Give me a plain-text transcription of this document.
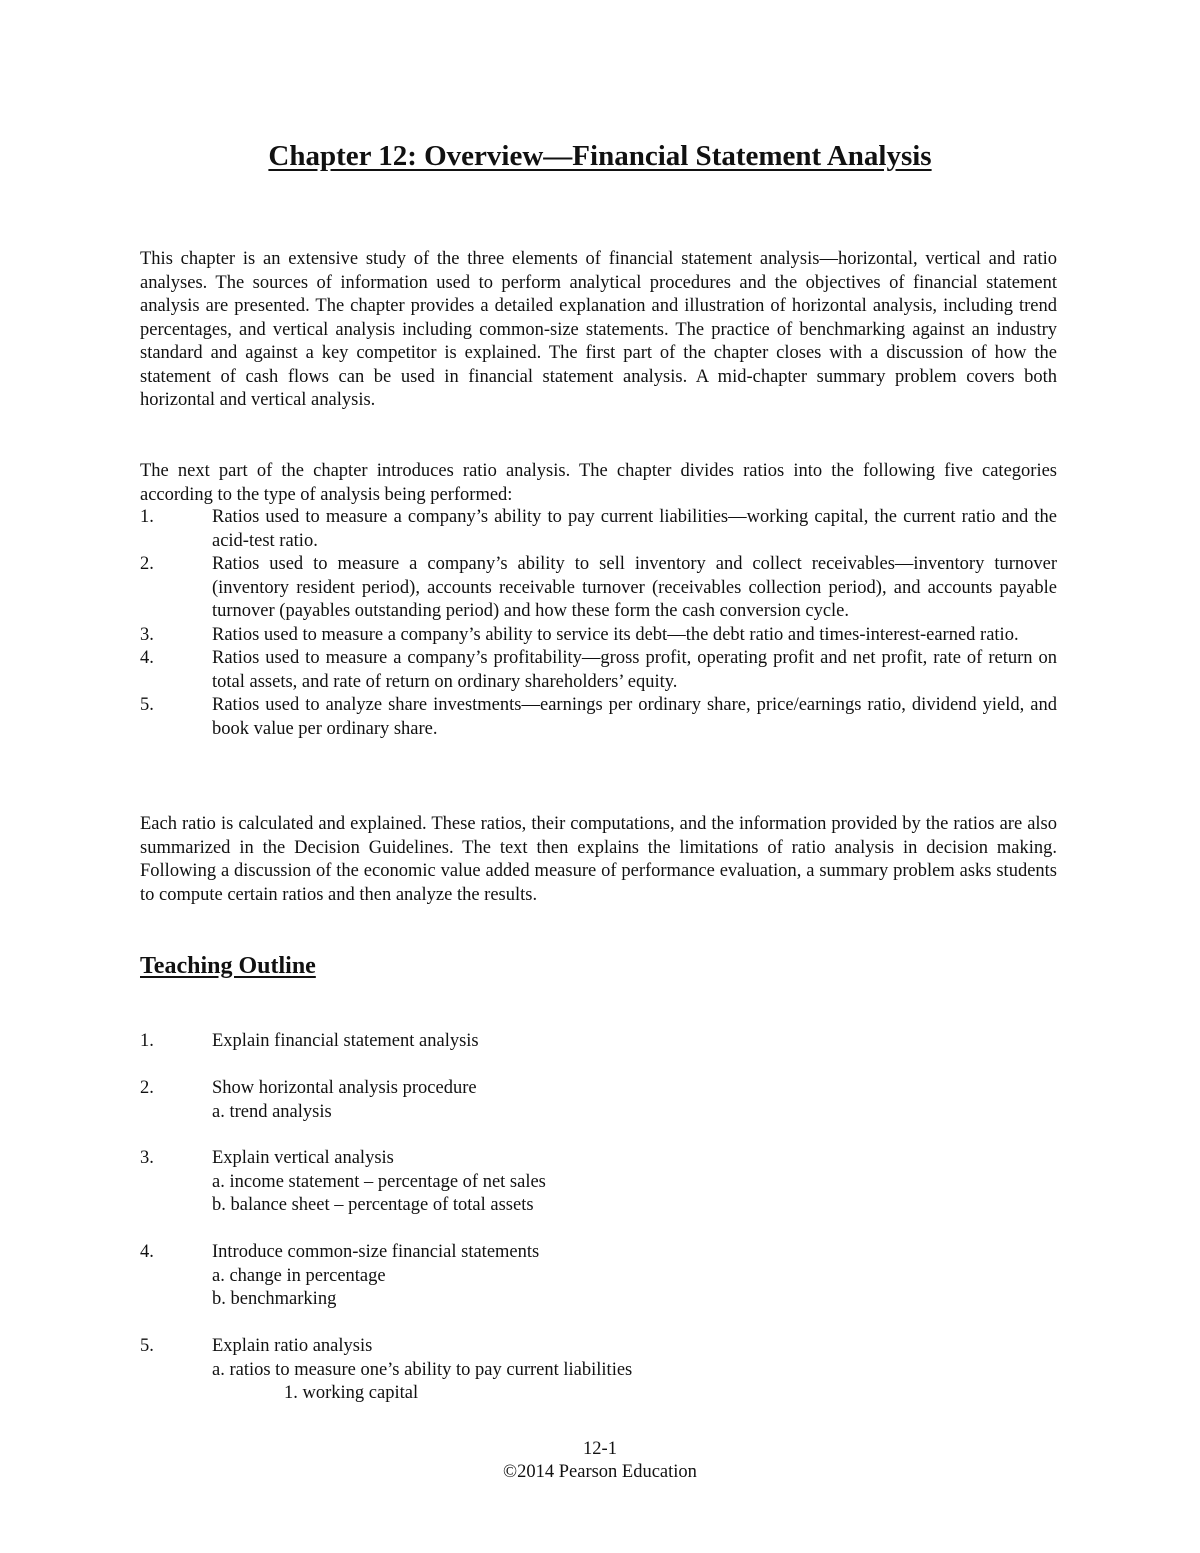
Chapter 12: Overview—Financial Statement Analysis

This chapter is an extensive study of the three elements of financial statement analysis—horizontal, vertical and ratio analyses. The sources of information used to perform analytical procedures and the objectives of financial statement analysis are presented. The chapter provides a detailed explanation and illustration of horizontal analysis, including trend percentages, and vertical analysis including common-size statements. The practice of benchmarking against an industry standard and against a key competitor is explained. The first part of the chapter closes with a discussion of how the statement of cash flows can be used in financial statement analysis. A mid-chapter summary problem covers both horizontal and vertical analysis.

The next part of the chapter introduces ratio analysis. The chapter divides ratios into the following five categories according to the type of analysis being performed:

1.	Ratios used to measure a company’s ability to pay current liabilities—working capital, the current ratio and the acid-test ratio.
2.	Ratios used to measure a company’s ability to sell inventory and collect receivables—inventory turnover (inventory resident period), accounts receivable turnover (receivables collection period), and accounts payable turnover (payables outstanding period) and how these form the cash conversion cycle.
3.	Ratios used to measure a company’s ability to service its debt—the debt ratio and times-interest-earned ratio.
4.	Ratios used to measure a company’s profitability—gross profit, operating profit and net profit, rate of return on total assets, and rate of return on ordinary shareholders’ equity.
5.	Ratios used to analyze share investments—earnings per ordinary share, price/earnings ratio, dividend yield, and book value per ordinary share.

Each ratio is calculated and explained. These ratios, their computations, and the information provided by the ratios are also summarized in the Decision Guidelines. The text then explains the limitations of ratio analysis in decision making. Following a discussion of the economic value added measure of performance evaluation, a summary problem asks students to compute certain ratios and then analyze the results.

Teaching Outline
1.	Explain financial statement analysis
2.	Show horizontal analysis procedure
a. trend analysis
3.	Explain vertical analysis
a. income statement – percentage of net sales
b. balance sheet – percentage of total assets
4.	Introduce common-size financial statements
a. change in percentage
b. benchmarking
5.	Explain ratio analysis
a. ratios to measure one’s ability to pay current liabilities
1. working capital
12-1
©2014 Pearson Education
